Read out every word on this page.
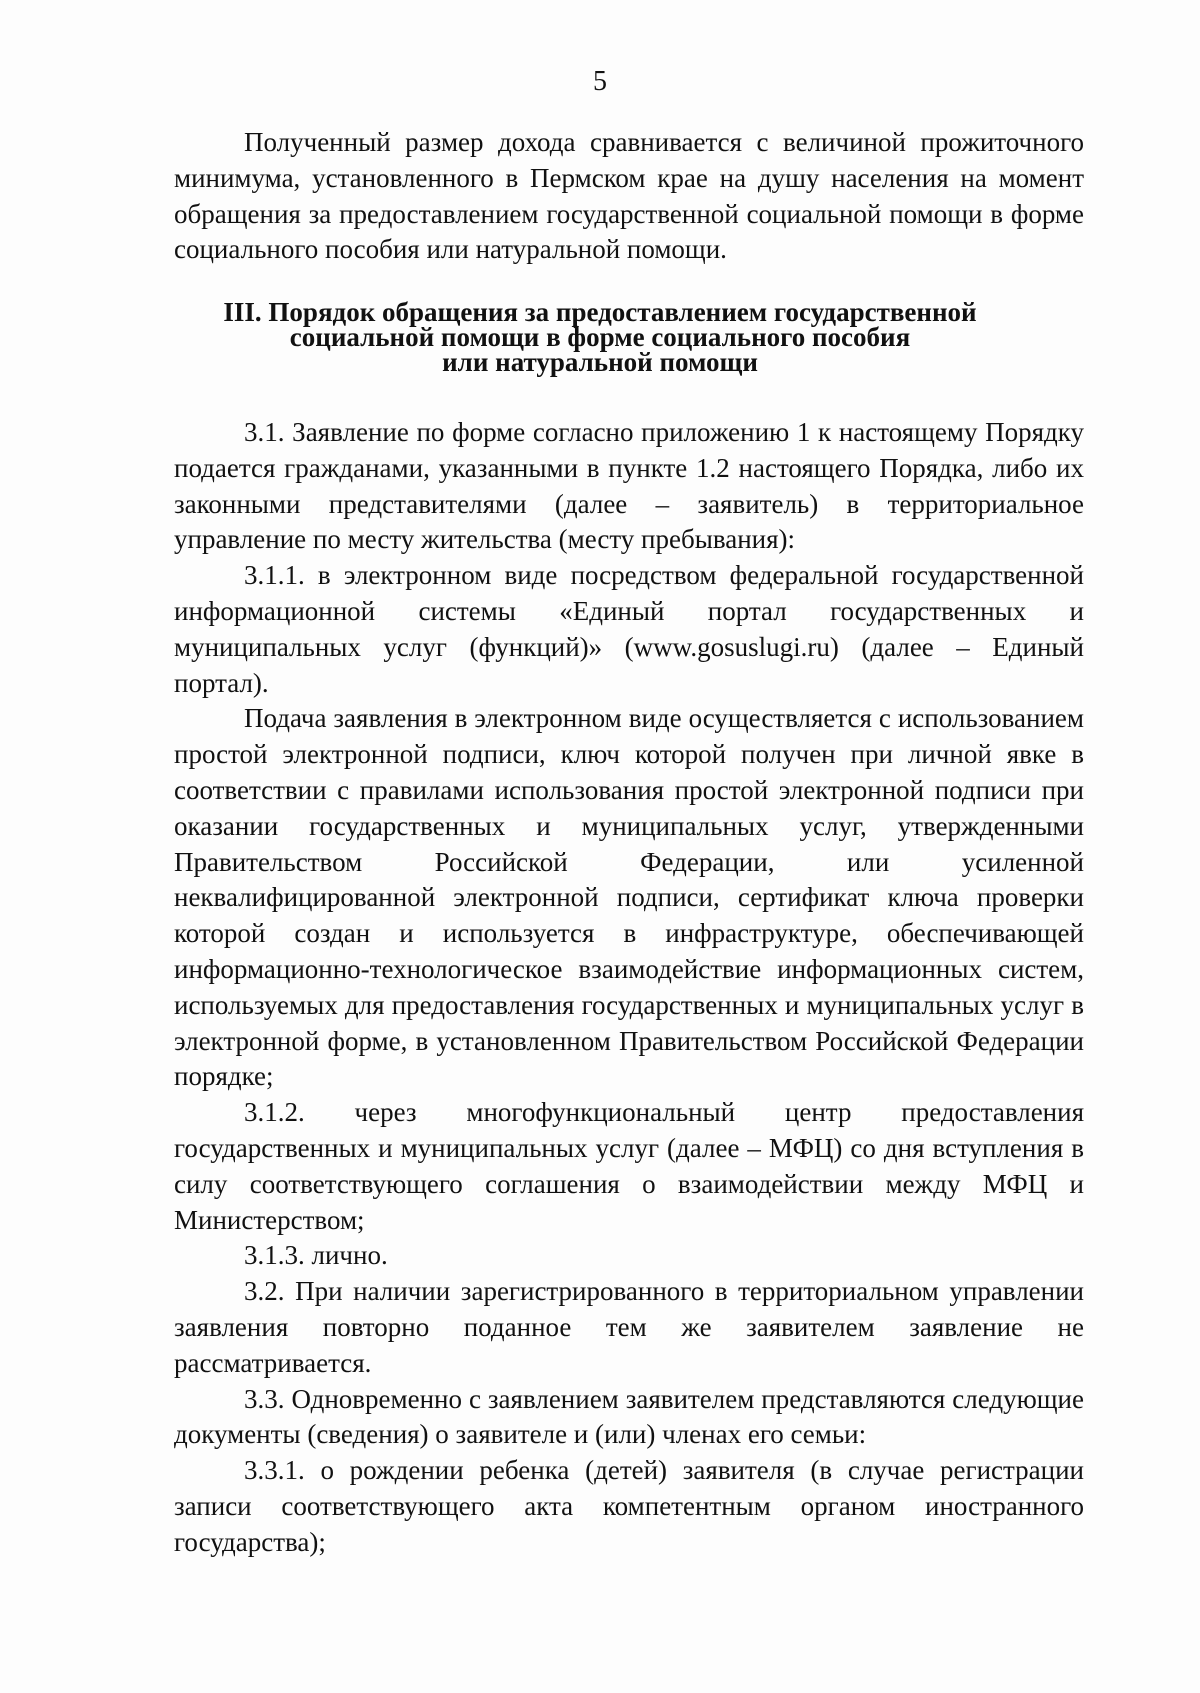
5

Полученный размер дохода сравнивается с величиной прожиточного минимума, установленного в Пермском крае на душу населения на момент обращения за предоставлением государственной социальной помощи в форме социального пособия или натуральной помощи.

III. Порядок обращения за предоставлением государственной
социальной помощи в форме социального пособия
или натуральной помощи

3.1. Заявление по форме согласно приложению 1 к настоящему Порядку подается гражданами, указанными в пункте 1.2 настоящего Порядка, либо их законными представителями (далее – заявитель) в территориальное управление по месту жительства (месту пребывания):

3.1.1. в электронном виде посредством федеральной государственной информационной системы «Единый портал государственных и муниципальных услуг (функций)» (www.gosuslugi.ru) (далее – Единый портал).

Подача заявления в электронном виде осуществляется с использованием простой электронной подписи, ключ которой получен при личной явке в соответствии с правилами использования простой электронной подписи при оказании государственных и муниципальных услуг, утвержденными Правительством Российской Федерации, или усиленной неквалифицированной электронной подписи, сертификат ключа проверки которой создан и используется в инфраструктуре, обеспечивающей информационно-технологическое взаимодействие информационных систем, используемых для предоставления государственных и муниципальных услуг в электронной форме, в установленном Правительством Российской Федерации порядке;

3.1.2. через многофункциональный центр предоставления государственных и муниципальных услуг (далее – МФЦ) со дня вступления в силу соответствующего соглашения о взаимодействии между МФЦ и Министерством;

3.1.3. лично.

3.2. При наличии зарегистрированного в территориальном управлении заявления повторно поданное тем же заявителем заявление не рассматривается.

3.3. Одновременно с заявлением заявителем представляются следующие документы (сведения) о заявителе и (или) членах его семьи:

3.3.1. о рождении ребенка (детей) заявителя (в случае регистрации записи соответствующего акта компетентным органом иностранного государства);
